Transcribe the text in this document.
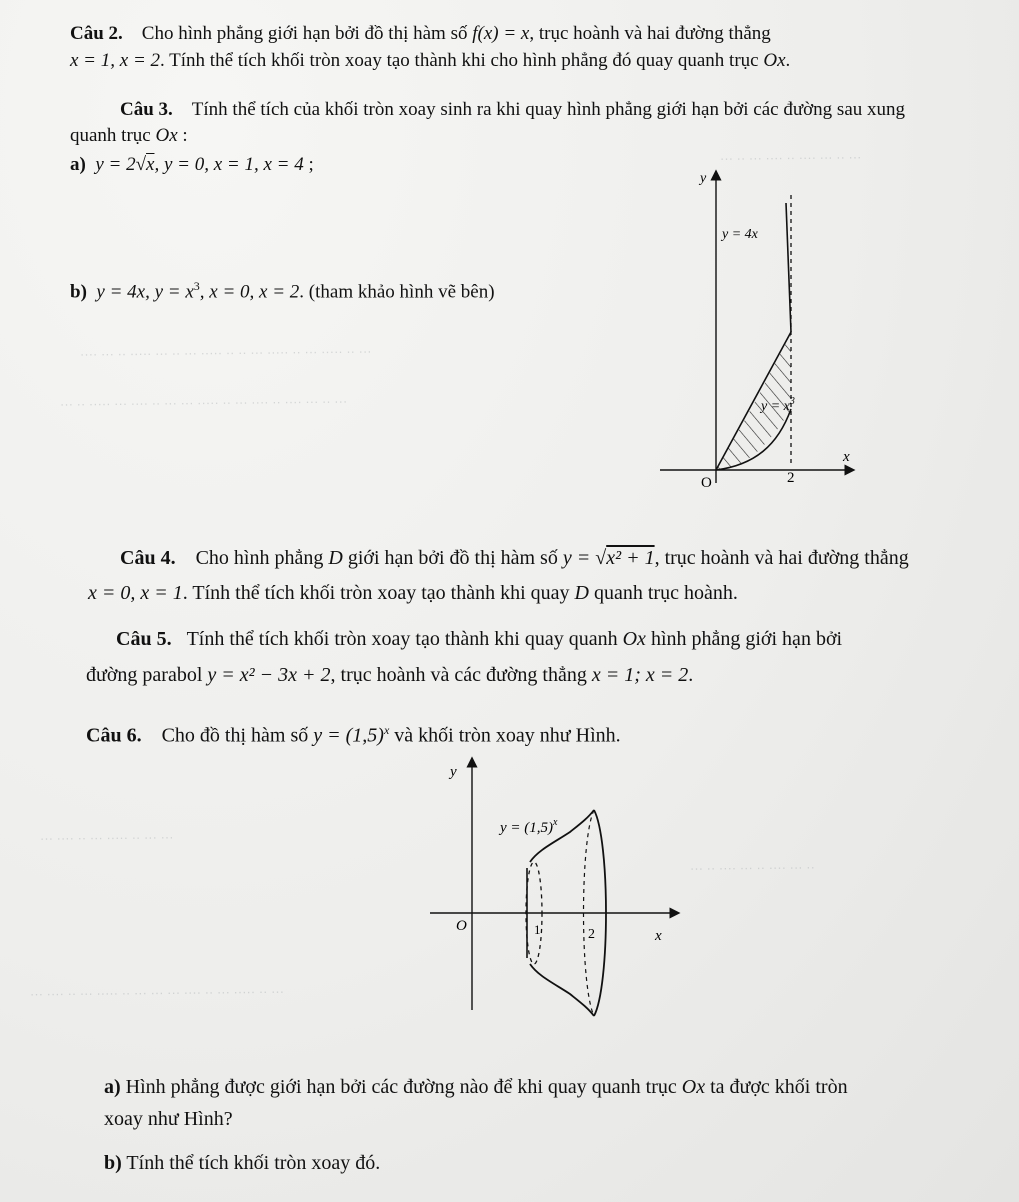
··· ·· ··· ···· ·· ···· ··· ·· ···
···· ··· ·· ····· ··· ·· ··· ····· ·· ·· ··· ····· ·· ··· ····· ·· ···
··· ·· ····· ··· ···· ·· ··· ··· ····· ·· ··· ···· ·· ···· ··· ·· ···
··· ···· ·· ··· ····· ·· ··· ···
··· ·· ···· ··· ·· ···· ··· ··
··· ···· ·· ··· ····· ·· ··· ··· ··· ···· ·· ··· ····· ·· ···
Câu 2. Cho hình phẳng giới hạn bởi đồ thị hàm số f(x) = x, trục hoành và hai đường thẳng
x = 1, x = 2. Tính thể tích khối tròn xoay tạo thành khi cho hình phẳng đó quay quanh trục Ox.
Câu 3. Tính thể tích của khối tròn xoay sinh ra khi quay hình phẳng giới hạn bởi các đường sau xung
quanh trục Ox :
a) y = 2√x, y = 0, x = 1, x = 4 ;
b) y = 4x, $y = x^3$, x = 0, x = 2. (tham khảo hình vẽ bên)
y
x
O	2
y = 4x
$y = x^3$
Câu 4. Cho hình phẳng D giới hạn bởi đồ thị hàm số y = √x² + 1, trục hoành và hai đường thẳng
x = 0, x = 1. Tính thể tích khối tròn xoay tạo thành khi quay D quanh trục hoành.
Câu 5. Tính thể tích khối tròn xoay tạo thành khi quay quanh Ox hình phẳng giới hạn bởi
đường parabol y = x² − 3x + 2, trục hoành và các đường thẳng x = 1; x = 2.
Câu 6. Cho đồ thị hàm số $y = (1,5)^x$ và khối tròn xoay như Hình.
y
O
x
1	2
$y = (1,5)^x$
a) Hình phẳng được giới hạn bởi các đường nào để khi quay quanh trục Ox ta được khối tròn
xoay như Hình?
b) Tính thể tích khối tròn xoay đó.
